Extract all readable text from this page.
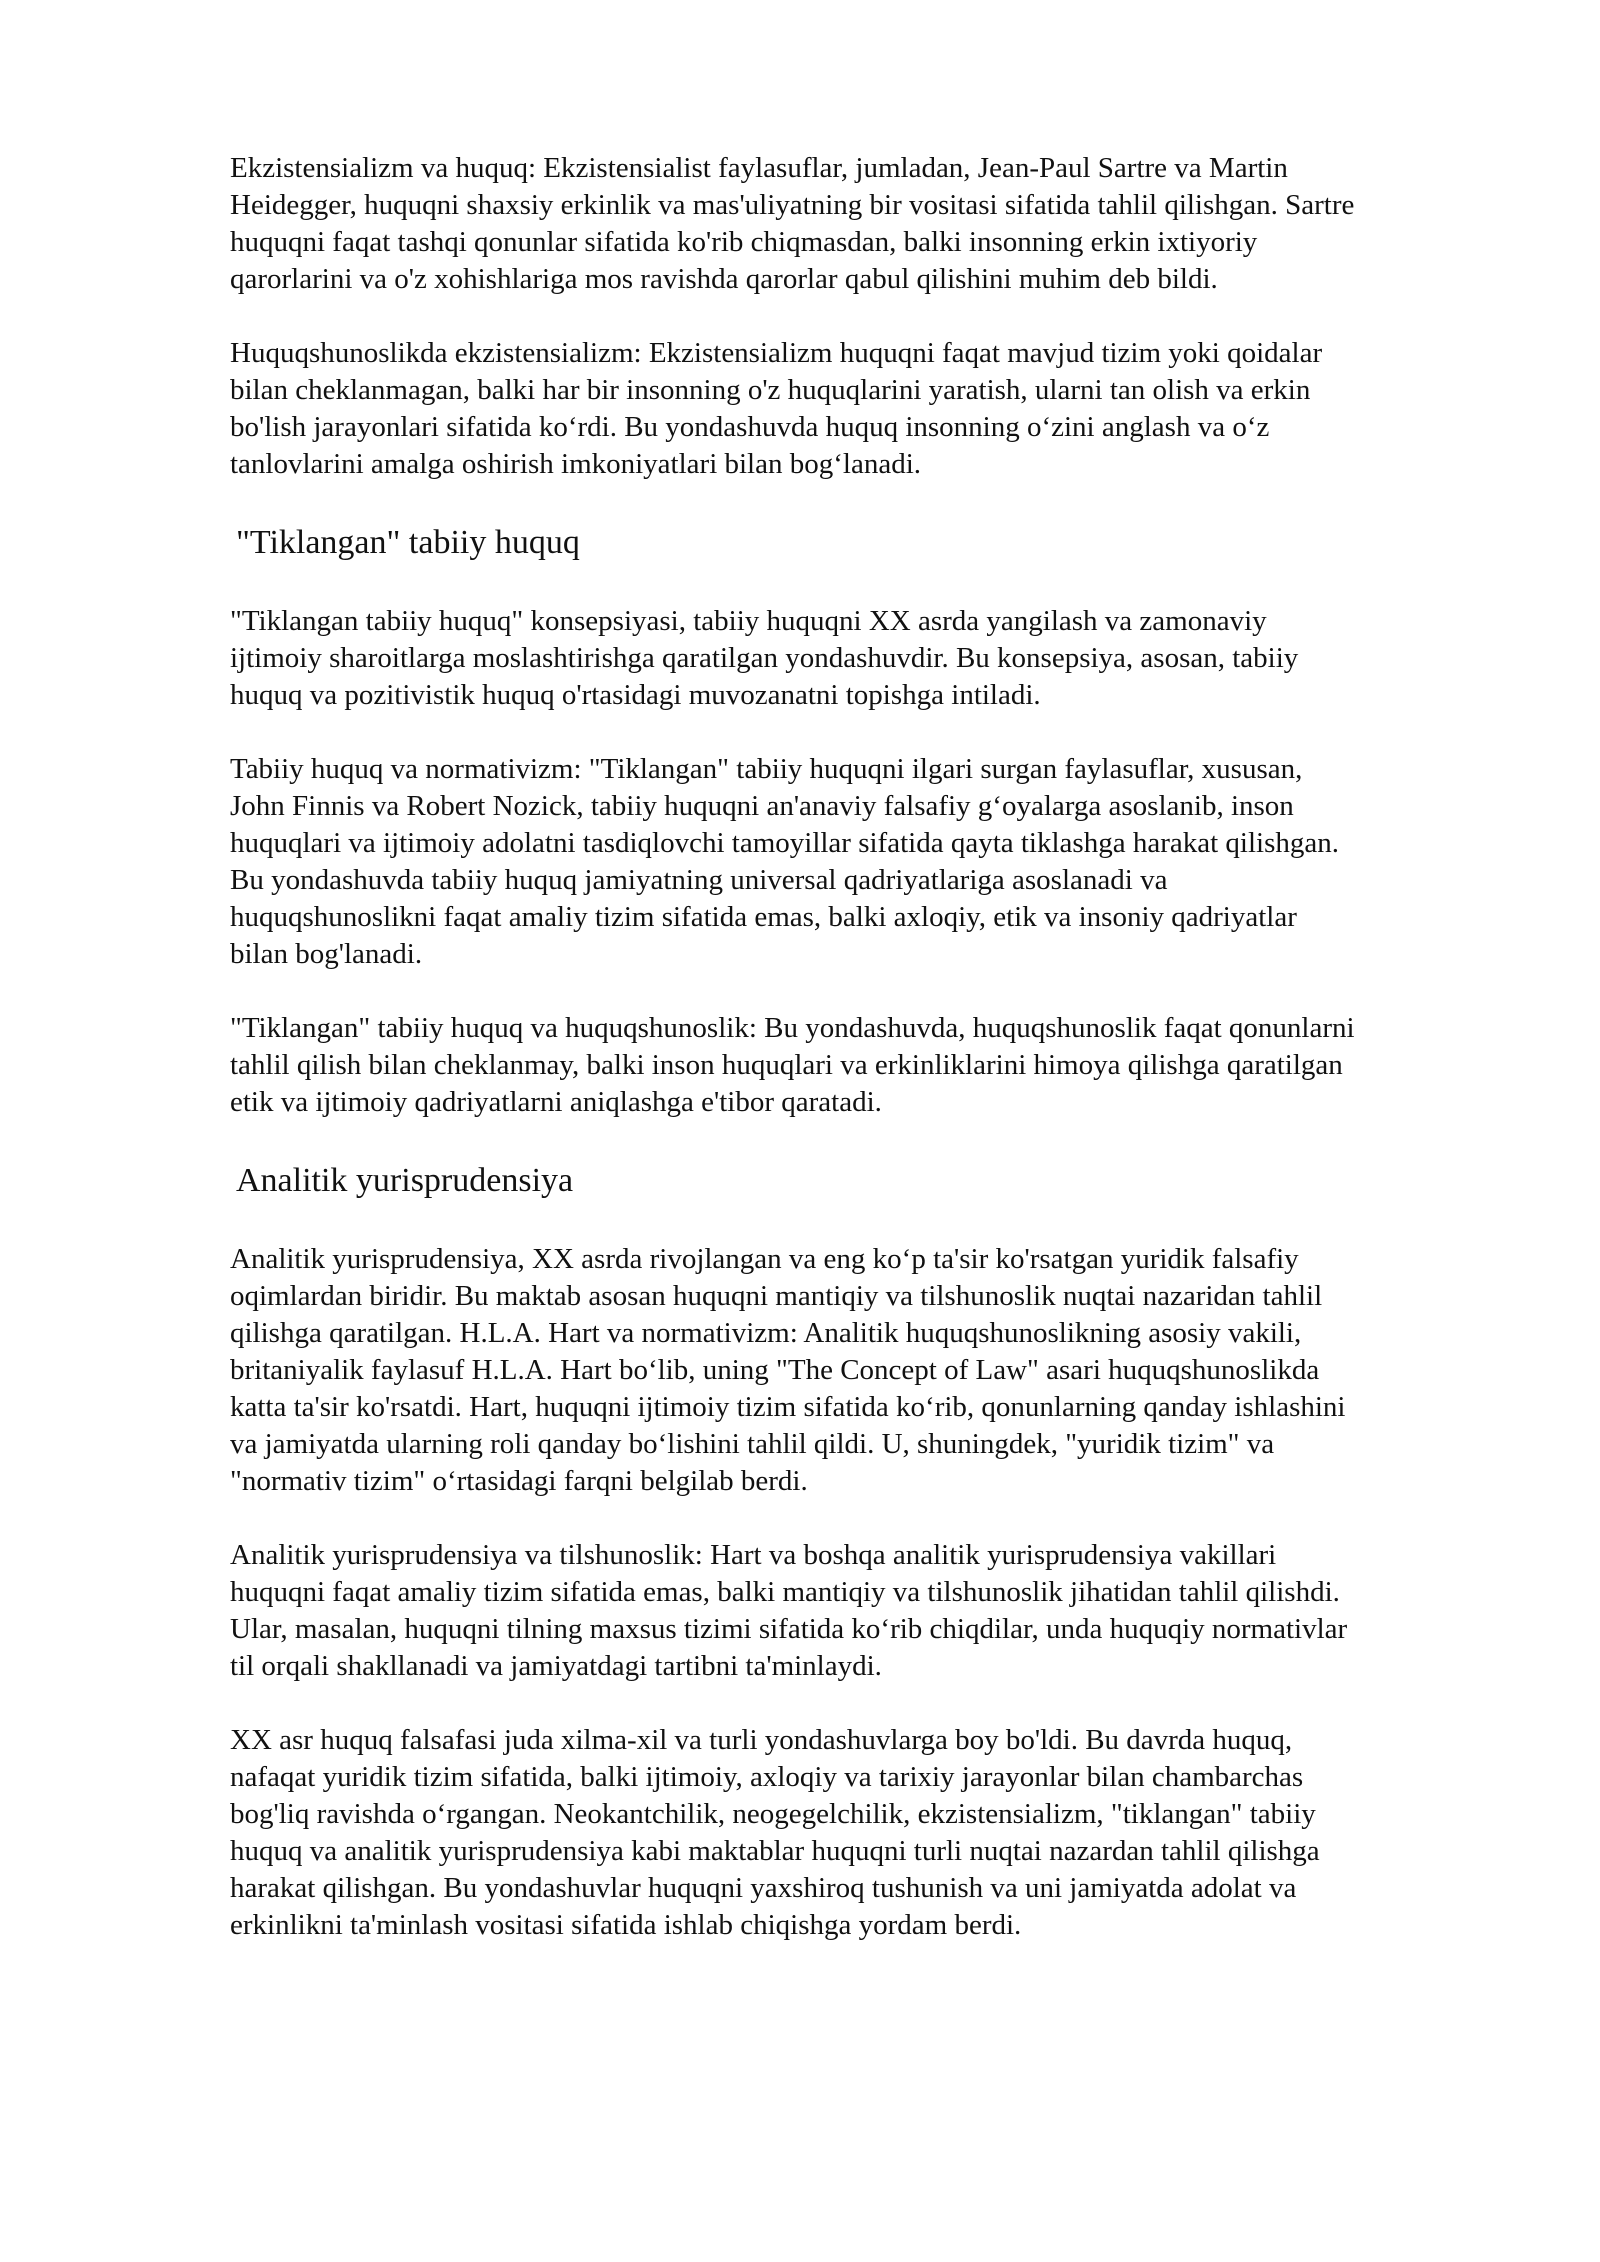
Ekzistensializm va huquq: Ekzistensialist faylasuflar, jumladan, Jean-Paul Sartre va Martin
Heidegger, huquqni shaxsiy erkinlik va mas'uliyatning bir vositasi sifatida tahlil qilishgan. Sartre
huquqni faqat tashqi qonunlar sifatida ko'rib chiqmasdan, balki insonning erkin ixtiyoriy
qarorlarini va o'z xohishlariga mos ravishda qarorlar qabul qilishini muhim deb bildi.

Huquqshunoslikda ekzistensializm: Ekzistensializm huquqni faqat mavjud tizim yoki qoidalar
bilan cheklanmagan, balki har bir insonning o'z huquqlarini yaratish, ularni tan olish va erkin
bo'lish jarayonlari sifatida koʻrdi. Bu yondashuvda huquq insonning oʻzini anglash va oʻz
tanlovlarini amalga oshirish imkoniyatlari bilan bogʻlanadi.

"Tiklangan" tabiiy huquq

"Tiklangan tabiiy huquq" konsepsiyasi, tabiiy huquqni XX asrda yangilash va zamonaviy
ijtimoiy sharoitlarga moslashtirishga qaratilgan yondashuvdir. Bu konsepsiya, asosan, tabiiy
huquq va pozitivistik huquq o'rtasidagi muvozanatni topishga intiladi.

Tabiiy huquq va normativizm: "Tiklangan" tabiiy huquqni ilgari surgan faylasuflar, xususan,
John Finnis va Robert Nozick, tabiiy huquqni an'anaviy falsafiy gʻoyalarga asoslanib, inson
huquqlari va ijtimoiy adolatni tasdiqlovchi tamoyillar sifatida qayta tiklashga harakat qilishgan.
Bu yondashuvda tabiiy huquq jamiyatning universal qadriyatlariga asoslanadi va
huquqshunoslikni faqat amaliy tizim sifatida emas, balki axloqiy, etik va insoniy qadriyatlar
bilan bog'lanadi.

"Tiklangan" tabiiy huquq va huquqshunoslik: Bu yondashuvda, huquqshunoslik faqat qonunlarni
tahlil qilish bilan cheklanmay, balki inson huquqlari va erkinliklarini himoya qilishga qaratilgan
etik va ijtimoiy qadriyatlarni aniqlashga e'tibor qaratadi.

Analitik yurisprudensiya

Analitik yurisprudensiya, XX asrda rivojlangan va eng koʻp ta'sir ko'rsatgan yuridik falsafiy
oqimlardan biridir. Bu maktab asosan huquqni mantiqiy va tilshunoslik nuqtai nazaridan tahlil
qilishga qaratilgan. H.L.A. Hart va normativizm: Analitik huquqshunoslikning asosiy vakili,
britaniyalik faylasuf H.L.A. Hart boʻlib, uning "The Concept of Law" asari huquqshunoslikda
katta ta'sir ko'rsatdi. Hart, huquqni ijtimoiy tizim sifatida koʻrib, qonunlarning qanday ishlashini
va jamiyatda ularning roli qanday boʻlishini tahlil qildi. U, shuningdek, "yuridik tizim" va
"normativ tizim" oʻrtasidagi farqni belgilab berdi.

Analitik yurisprudensiya va tilshunoslik: Hart va boshqa analitik yurisprudensiya vakillari
huquqni faqat amaliy tizim sifatida emas, balki mantiqiy va tilshunoslik jihatidan tahlil qilishdi.
Ular, masalan, huquqni tilning maxsus tizimi sifatida koʻrib chiqdilar, unda huquqiy normativlar
til orqali shakllanadi va jamiyatdagi tartibni ta'minlaydi.

XX asr huquq falsafasi juda xilma-xil va turli yondashuvlarga boy bo'ldi. Bu davrda huquq,
nafaqat yuridik tizim sifatida, balki ijtimoiy, axloqiy va tarixiy jarayonlar bilan chambarchas
bog'liq ravishda oʻrgangan. Neokantchilik, neogegelchilik, ekzistensializm, "tiklangan" tabiiy
huquq va analitik yurisprudensiya kabi maktablar huquqni turli nuqtai nazardan tahlil qilishga
harakat qilishgan. Bu yondashuvlar huquqni yaxshiroq tushunish va uni jamiyatda adolat va
erkinlikni ta'minlash vositasi sifatida ishlab chiqishga yordam berdi.
